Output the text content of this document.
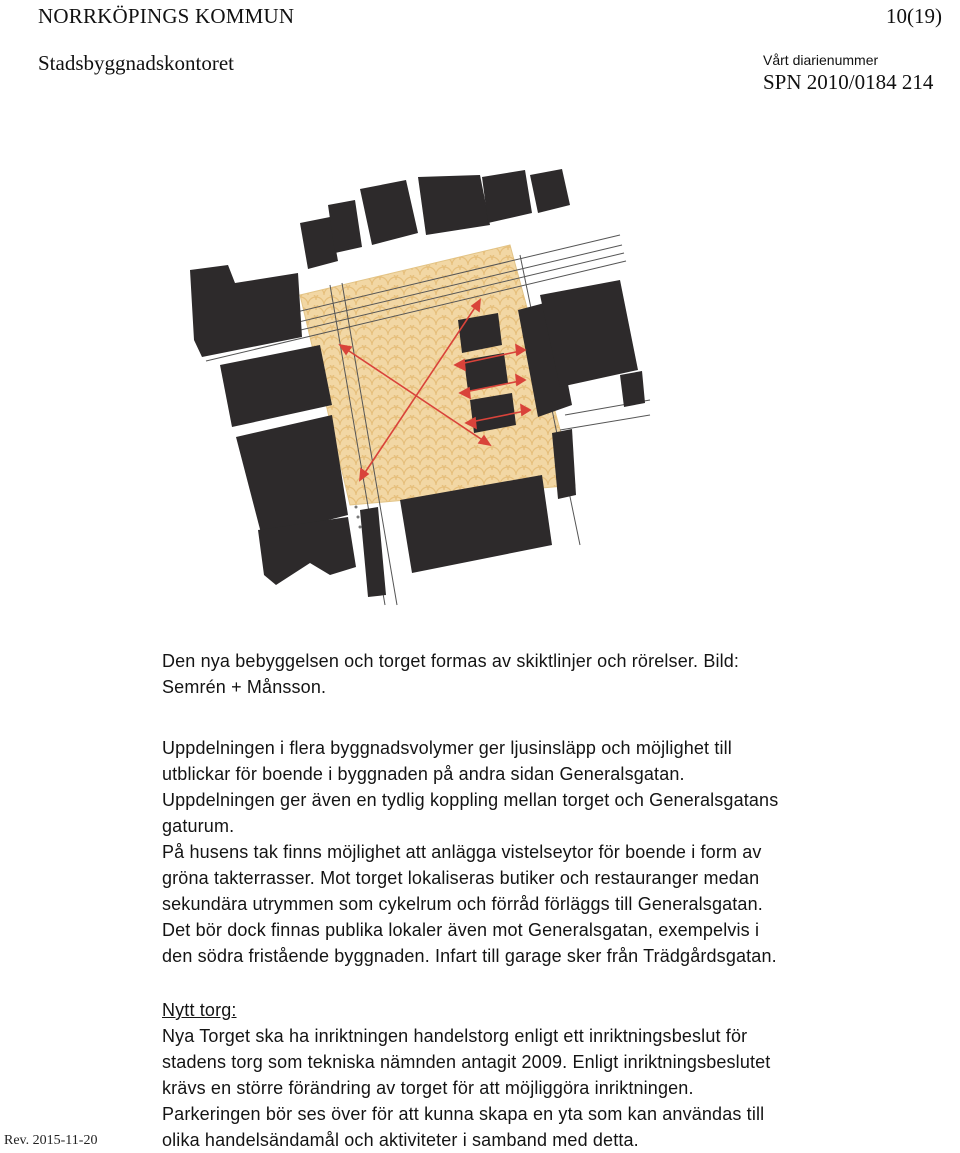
NORRKÖPINGS KOMMUN	10(19)
Stadsbyggnadskontoret	Vårt diarienummer
SPN 2010/0184 214
Den nya bebyggelsen och torget formas av skiktlinjer och rörelser. Bild:
Semrén + Månsson.
Uppdelningen i flera byggnadsvolymer ger ljusinsläpp och möjlighet till
utblickar för boende i byggnaden på andra sidan Generalsgatan.
Uppdelningen ger även en tydlig koppling mellan torget och Generalsgatans
gaturum.
På husens tak finns möjlighet att anlägga vistelseytor för boende i form av
gröna takterrasser. Mot torget lokaliseras butiker och restauranger medan
sekundära utrymmen som cykelrum och förråd förläggs till Generalsgatan.
Det bör dock finnas publika lokaler även mot Generalsgatan, exempelvis i
den södra fristående byggnaden. Infart till garage sker från Trädgårdsgatan.
Nytt torg:
Nya Torget ska ha inriktningen handelstorg enligt ett inriktningsbeslut för
stadens torg som tekniska nämnden antagit 2009. Enligt inriktningsbeslutet
krävs en större förändring av torget för att möjliggöra inriktningen.
Parkeringen bör ses över för att kunna skapa en yta som kan användas till
olika handelsändamål och aktiviteter i samband med detta.
Rev. 2015-11-20
